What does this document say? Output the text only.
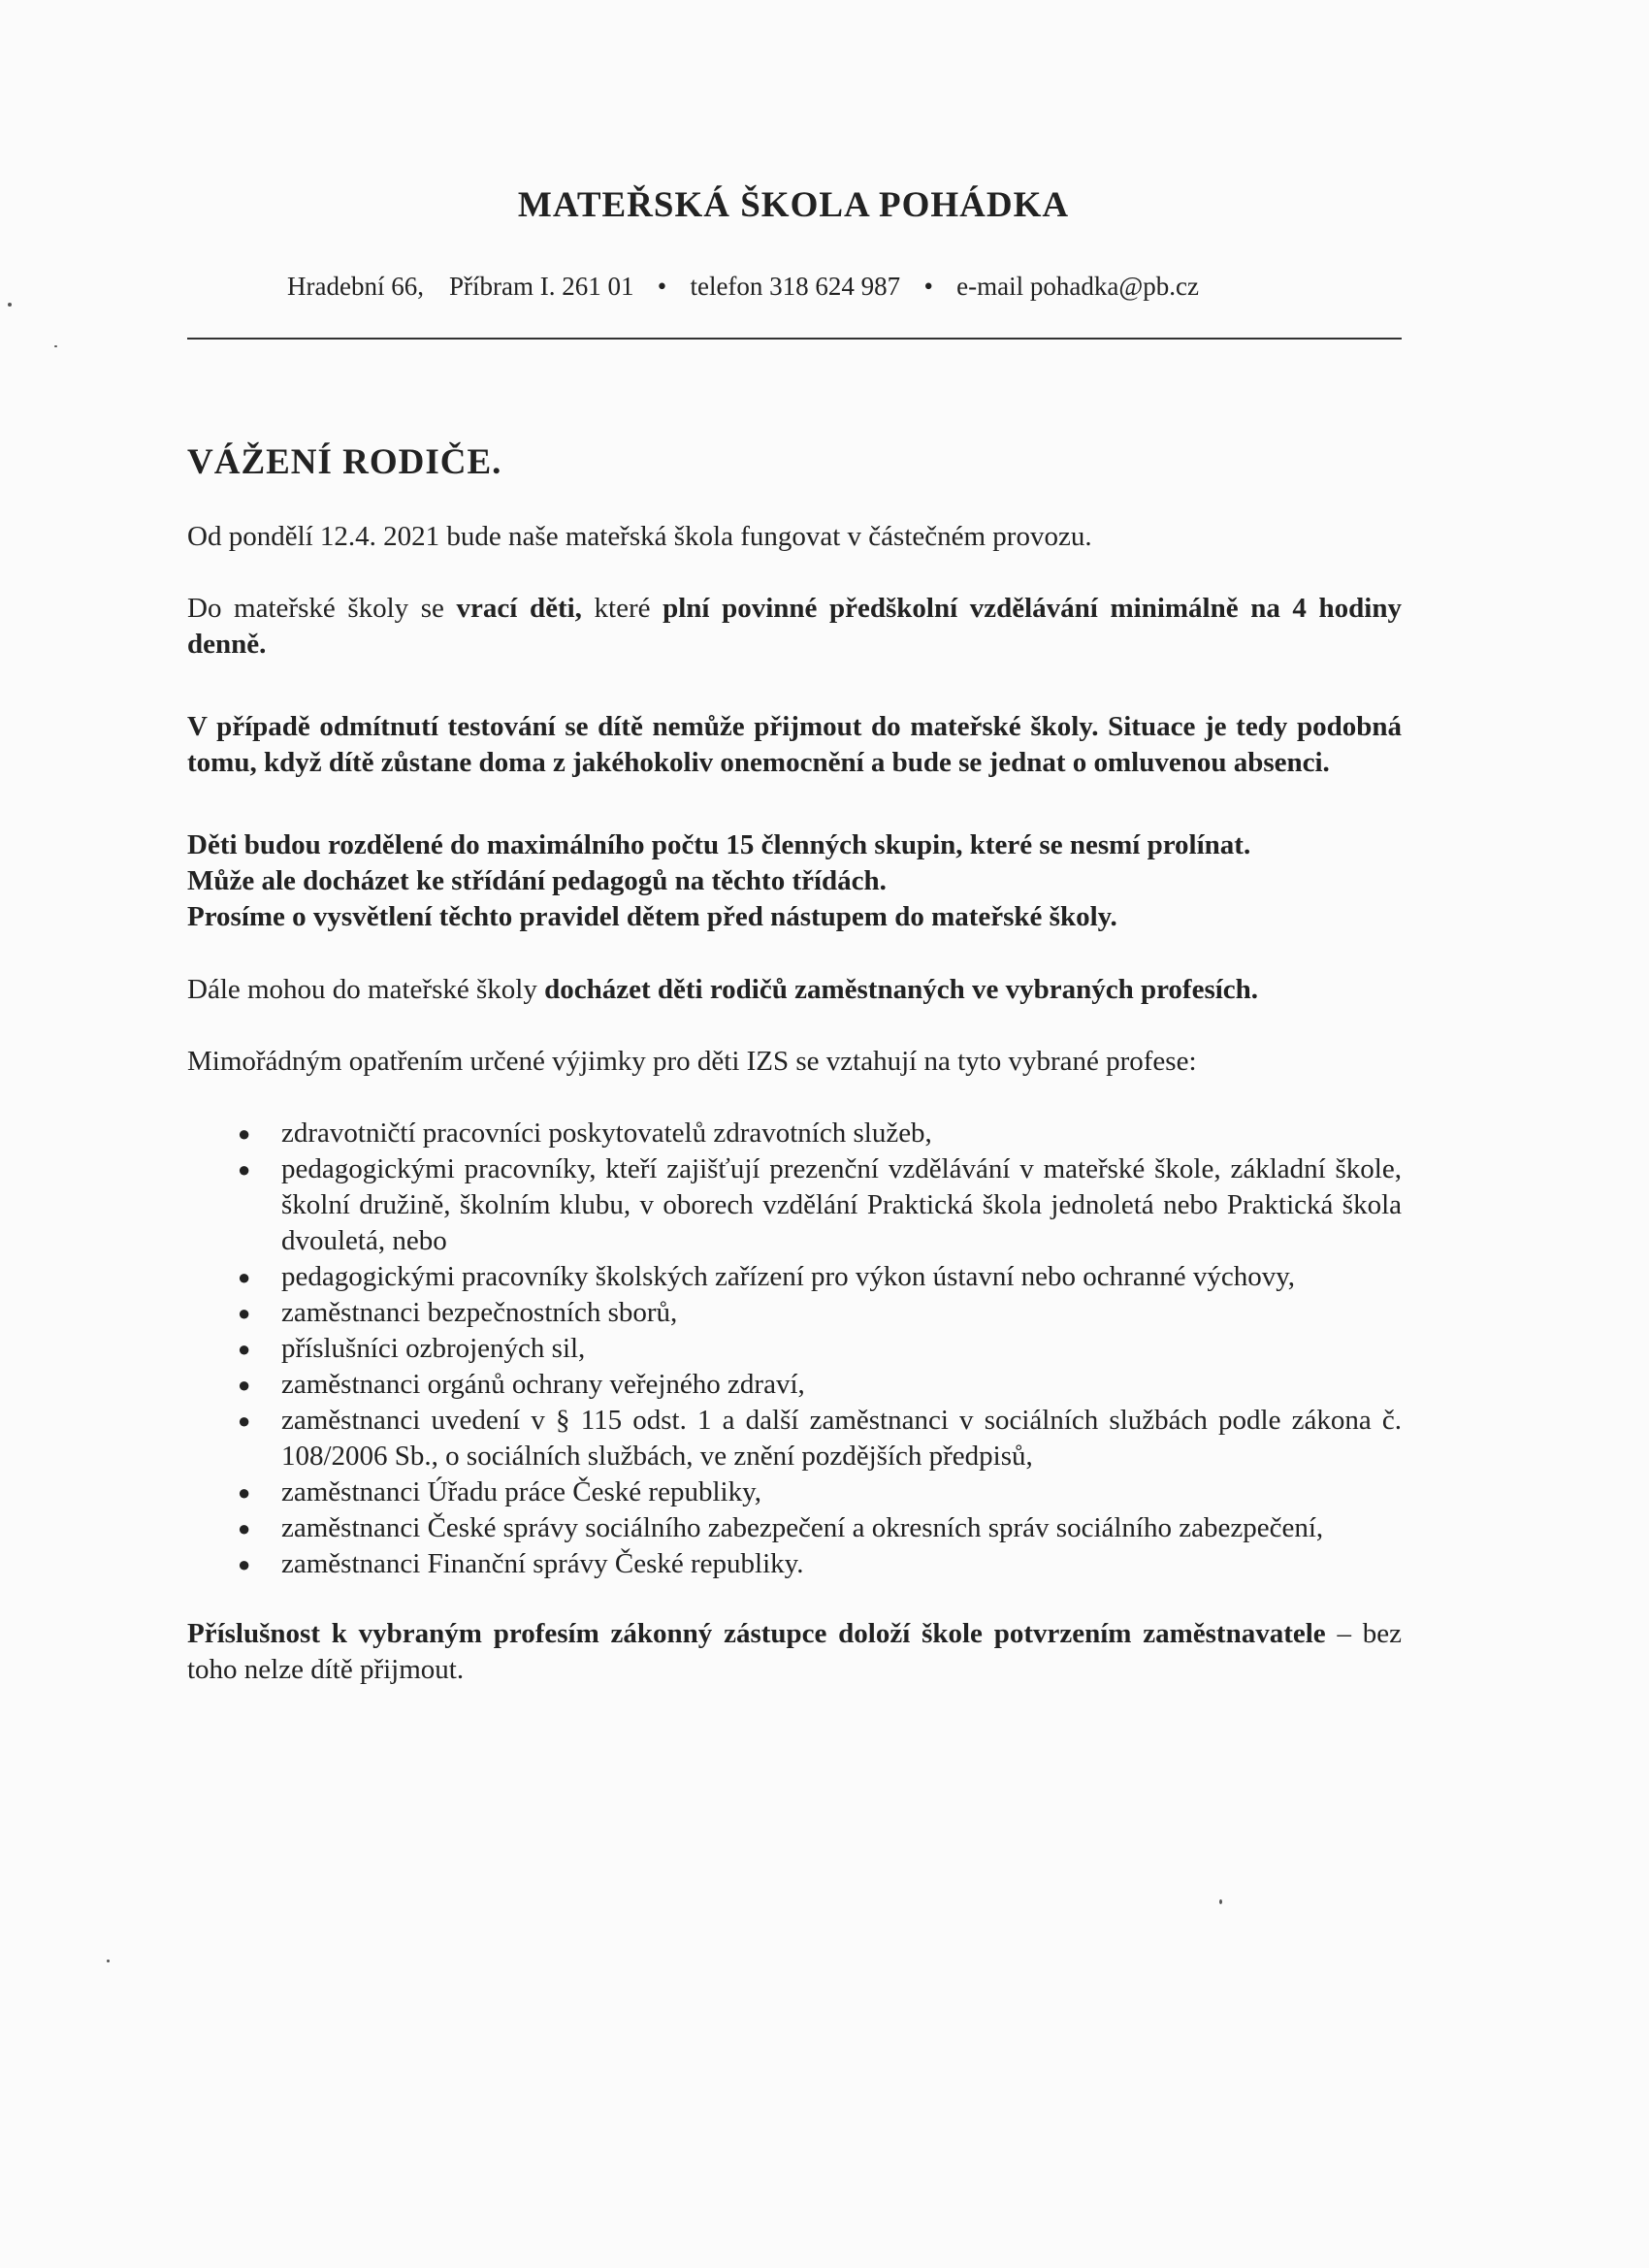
MATEŘSKÁ ŠKOLA POHÁDKA
Hradební 66, Příbram I. 261 01 • telefon 318 624 987 • e-mail pohadka@pb.cz
VÁŽENÍ RODIČE.

Od pondělí 12.4. 2021 bude naše mateřská škola fungovat v částečném provozu.

Do mateřské školy se vrací děti, které plní povinné předškolní vzdělávání minimálně na 4 hodiny denně.

V případě odmítnutí testování se dítě nemůže přijmout do mateřské školy. Situace je tedy podobná tomu, když dítě zůstane doma z jakéhokoliv onemocnění a bude se jednat o omluvenou absenci.

Děti budou rozdělené do maximálního počtu 15 členných skupin, které se nesmí prolínat.
Může ale docházet ke střídání pedagogů na těchto třídách.
Prosíme o vysvětlení těchto pravidel dětem před nástupem do mateřské školy.

Dále mohou do mateřské školy docházet děti rodičů zaměstnaných ve vybraných profesích.

Mimořádným opatřením určené výjimky pro děti IZS se vztahují na tyto vybrané profese:

● zdravotničtí pracovníci poskytovatelů zdravotních služeb,
● pedagogickými pracovníky, kteří zajišťují prezenční vzdělávání v mateřské škole, základní škole, školní družině, školním klubu, v oborech vzdělání Praktická škola jednoletá nebo Praktická škola dvouletá, nebo
● pedagogickými pracovníky školských zařízení pro výkon ústavní nebo ochranné výchovy,
● zaměstnanci bezpečnostních sborů,
● příslušníci ozbrojených sil,
● zaměstnanci orgánů ochrany veřejného zdraví,
● zaměstnanci uvedení v § 115 odst. 1 a další zaměstnanci v sociálních službách podle zákona č. 108/2006 Sb., o sociálních službách, ve znění pozdějších předpisů,
● zaměstnanci Úřadu práce České republiky,
● zaměstnanci České správy sociálního zabezpečení a okresních správ sociálního zabezpečení,
● zaměstnanci Finanční správy České republiky.

Příslušnost k vybraným profesím zákonný zástupce doloží škole potvrzením zaměstnavatele – bez toho nelze dítě přijmout.
